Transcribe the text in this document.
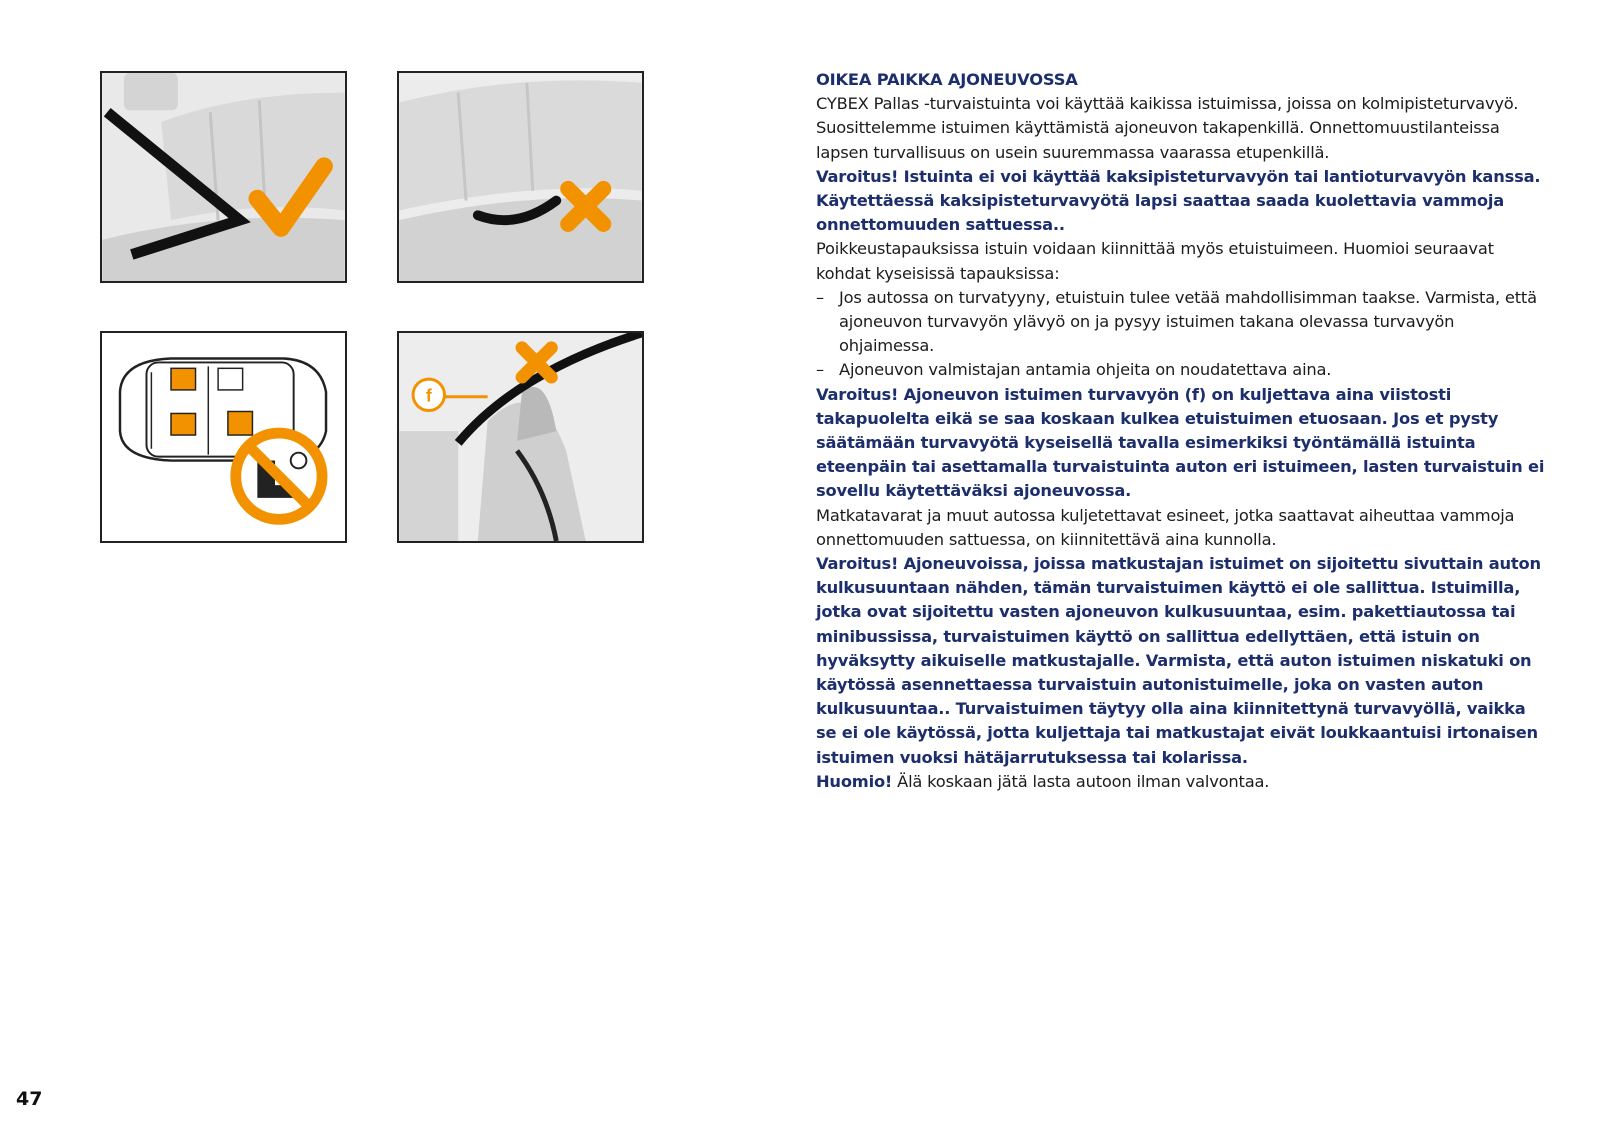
f

OIKEA PAIKKA AJONEUVOSSA

CYBEX Pallas -turvaistuinta voi käyttää kaikissa istuimissa, joissa on kolmipisteturvavyö. Suosittelemme istuimen käyttämistä ajoneuvon takapenkillä. Onnettomuustilanteissa lapsen turvallisuus on usein suuremmassa vaarassa etupenkillä.

Varoitus! Istuinta ei voi käyttää kaksipisteturvavyön tai lantioturvavyön kanssa. Käytettäessä kaksipisteturvavyötä lapsi saattaa saada kuolettavia vammoja onnettomuuden sattuessa..

Poikkeustapauksissa istuin voidaan kiinnittää myös etuistuimeen. Huomioi seuraavat kohdat kyseisissä tapauksissa:

– Jos autossa on turvatyyny, etuistuin tulee vetää mahdollisimman taakse. Varmista, että ajoneuvon turvavyön ylävyö on ja pysyy istuimen takana olevassa turvavyön ohjaimessa.
– Ajoneuvon valmistajan antamia ohjeita on noudatettava aina.

Varoitus! Ajoneuvon istuimen turvavyön (f) on kuljettava aina viistosti takapuolelta eikä se saa koskaan kulkea etuistuimen etuosaan. Jos et pysty säätämään turvavyötä kyseisellä tavalla esimerkiksi työntämällä istuinta eteenpäin tai asettamalla turvaistuinta auton eri istuimeen, lasten turvaistuin ei sovellu käytettäväksi ajoneuvossa.

Matkatavarat ja muut autossa kuljetettavat esineet, jotka saattavat aiheuttaa vammoja onnettomuuden sattuessa, on kiinnitettävä aina kunnolla.

Varoitus! Ajoneuvoissa, joissa matkustajan istuimet on sijoitettu sivuttain auton kulkusuuntaan nähden, tämän turvaistuimen käyttö ei ole sallittua. Istuimilla, jotka ovat sijoitettu vasten ajoneuvon kulkusuuntaa, esim. pakettiautossa tai minibussissa, turvaistuimen käyttö on sallittua edellyttäen, että istuin on hyväksytty aikuiselle matkustajalle. Varmista, että auton istuimen niskatuki on käytössä asennettaessa turvaistuin autonistuimelle, joka on vasten auton kulkusuuntaa.. Turvaistuimen täytyy olla aina kiinnitettynä turvavyöllä, vaikka se ei ole käytössä, jotta kuljettaja tai matkustajat eivät loukkaantuisi irtonaisen istuimen vuoksi hätäjarrutuksessa tai kolarissa.

Huomio! Älä koskaan jätä lasta autoon ilman valvontaa.

47
